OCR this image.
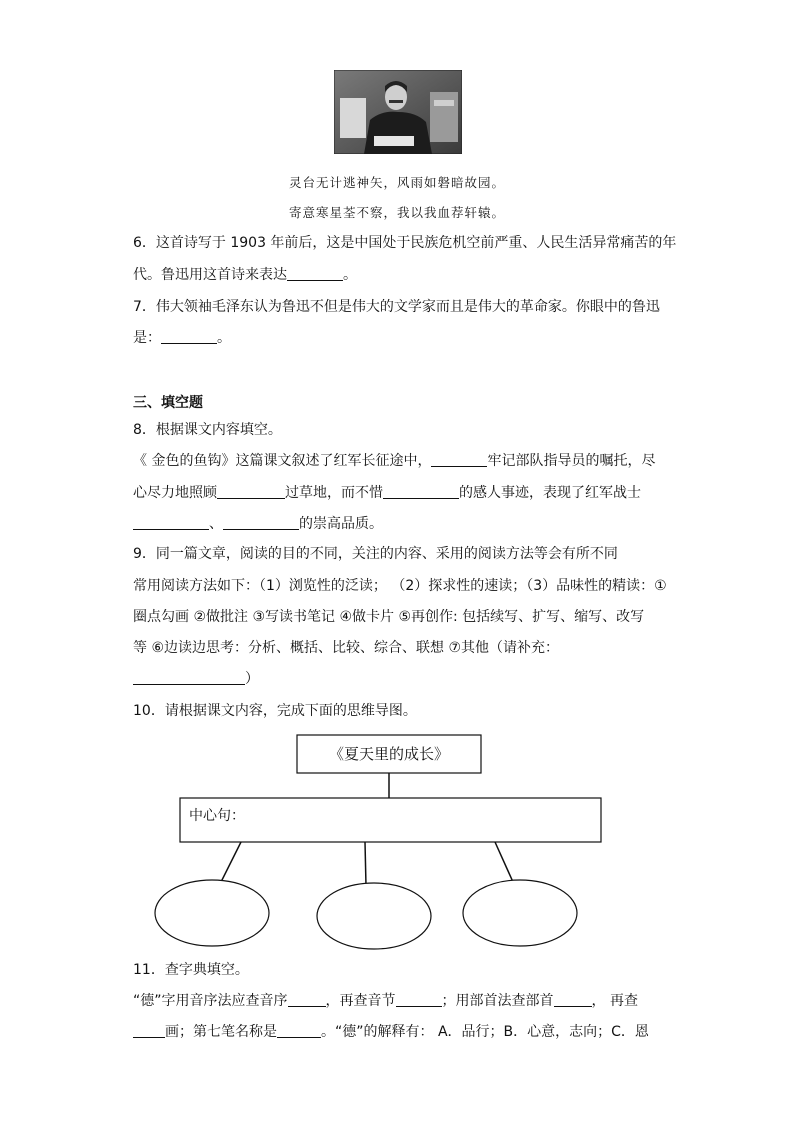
灵台无计逃神矢，风雨如磐暗故园。
寄意寒星荃不察，我以我血荐轩辕。
6．这首诗写于 1903 年前后，这是中国处于民族危机空前严重、人民生活异常痛苦的年
代。鲁迅用这首诗来表达	。
7．伟大领袖毛泽东认为鲁迅不但是伟大的文学家而且是伟大的革命家。你眼中的鲁迅
是：	。
三、填空题
8．根据课文内容填空。
《 金色的鱼钩》这篇课文叙述了红军长征途中，	牢记部队指导员的嘱托，尽
心尽力地照顾	过草地，而不惜	的感人事迹，表现了红军战士
、	的崇高品质。
9．同一篇文章，阅读的目的不同，关注的内容、采用的阅读方法等会有所不同
常用阅读方法如下：（1）浏览性的泛读； （2）探求性的速读；（3）品味性的精读：①
圈点勾画 ②做批注 ③写读书笔记 ④做卡片 ⑤再创作: 包括续写、扩写、缩写、改写
等 ⑥边读边思考：分析、概括、比较、综合、联想 ⑦其他（请补充：
）
10．请根据课文内容，完成下面的思维导图。
《夏天里的成长》
中心句：
11．查字典填空。
“德”字用音序法应查音序	，再查音节	；用部首法查部首	， 再查
画；第七笔名称是	。“德”的解释有： A．品行；B．心意，志向；C．恩
